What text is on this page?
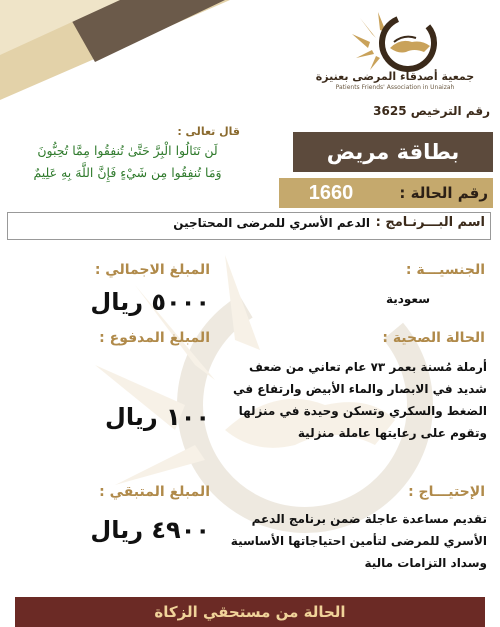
جمعية أصدقاء المرضى بعنيزة
Patients Friends' Association in Unaizah
رقم الترخيص 3625
قال تعالى :
لَن تَنَالُوا الْبِرَّ حَتَّىٰ تُنفِقُوا مِمَّا تُحِبُّونَ
وَمَا تُنفِقُوا مِن شَيْءٍ فَإِنَّ اللَّهَ بِهِ عَلِيمٌ
بطاقة مريض
رقم الحالة :
1660
اسم البـــرنـامج :
الدعم الأسري للمرضى المحتاجين
الجنسيـــة :
سعودية
الحالة الصحية :
أرملة مُسنة بعمر ٧٣ عام تعاني من ضعف شديد في الابصار والماء الأبيض وارتفاع في الضغط والسكري وتسكن وحيدة في منزلها وتقوم على رعايتها عاملة منزلية
الإحتيـــاج :
تقديم مساعدة عاجلة ضمن برنامج الدعم الأسري للمرضى لتأمين احتياجاتها الأساسية وسداد التزامات مالية
المبلغ الاجمالي :
٥٠٠٠ ريال
المبلغ المدفوع :
١٠٠ ريال
المبلغ المتبقي :
٤٩٠٠ ريال
الحالة من مستحقي الزكاة
